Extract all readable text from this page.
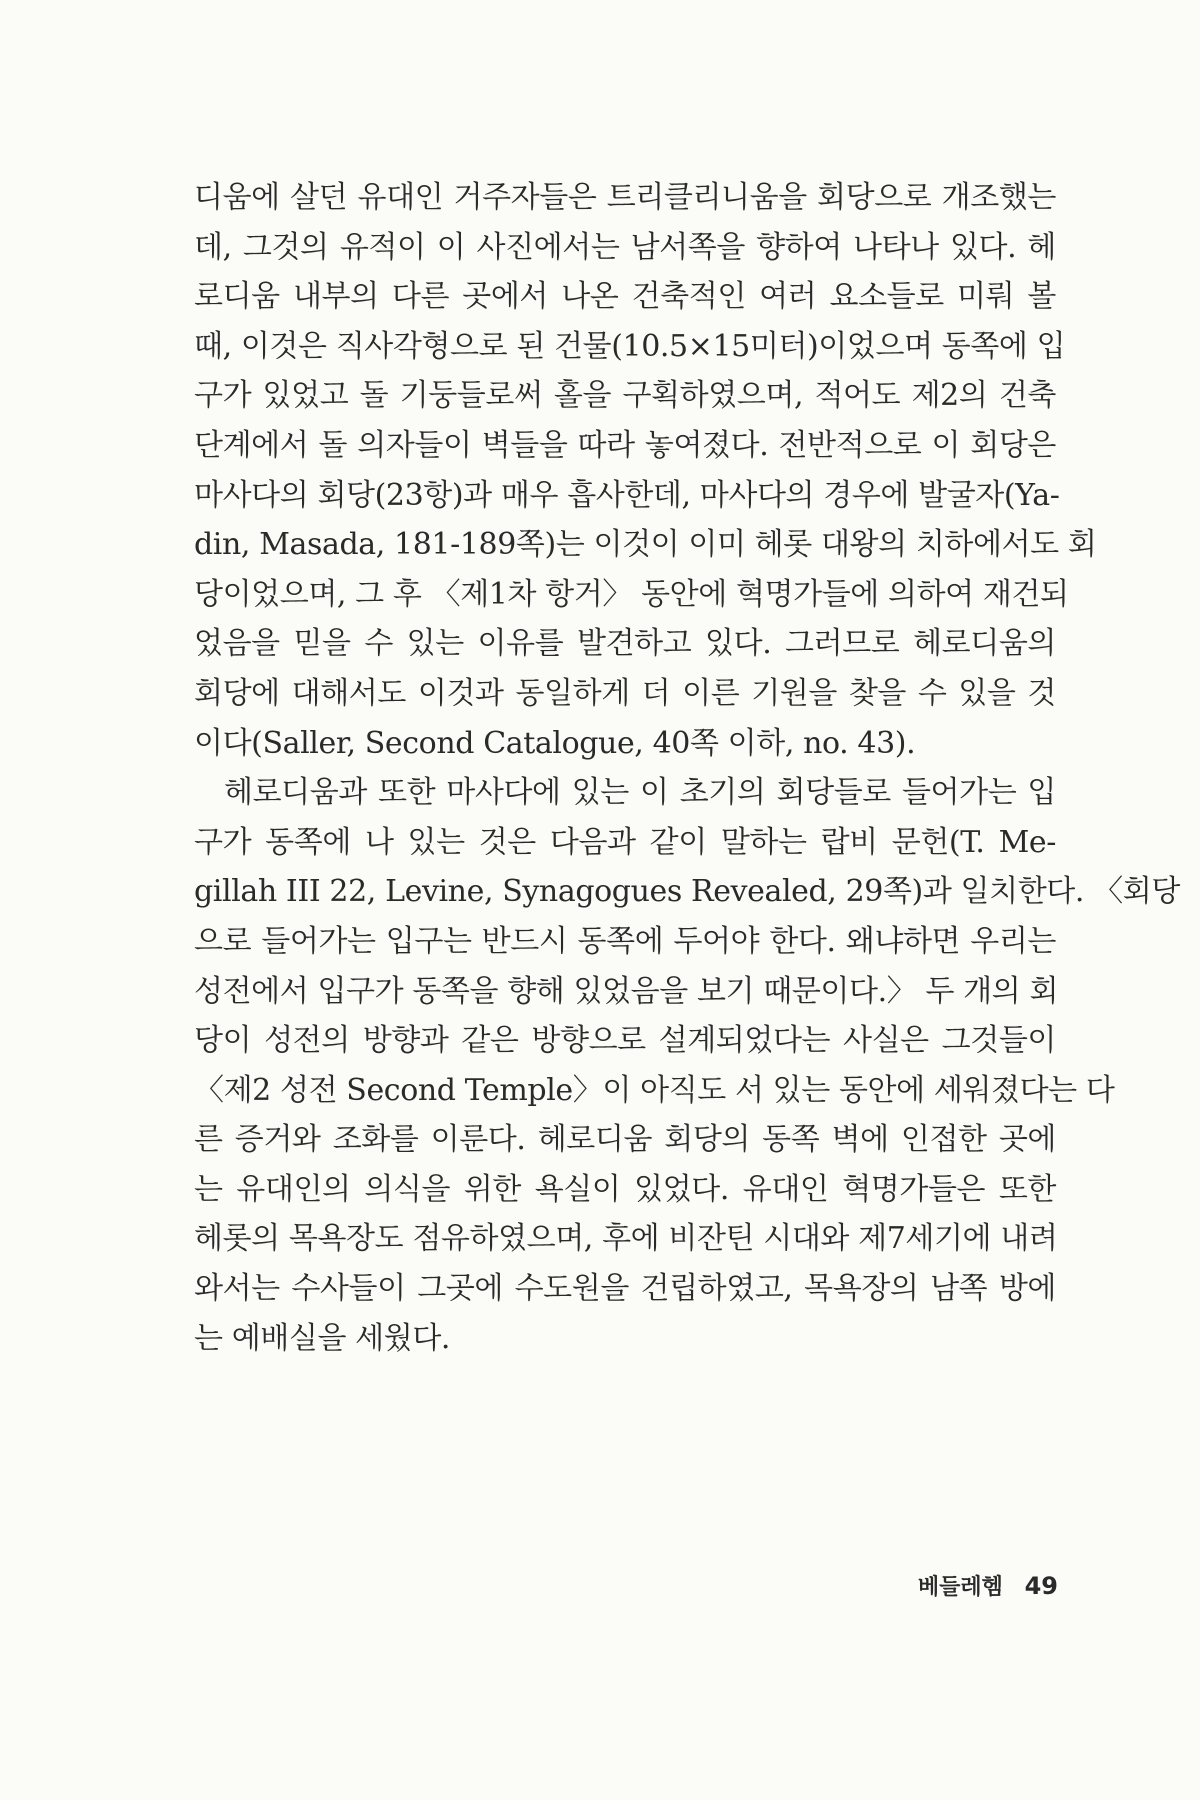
디움에 살던 유대인 거주자들은 트리클리니움을 회당으로 개조했는
데, 그것의 유적이 이 사진에서는 남서쪽을 향하여 나타나 있다. 헤
로디움 내부의 다른 곳에서 나온 건축적인 여러 요소들로 미뤄 볼
때, 이것은 직사각형으로 된 건물(10.5×15미터)이었으며 동쪽에 입
구가 있었고 돌 기둥들로써 홀을 구획하였으며, 적어도 제2의 건축
단계에서 돌 의자들이 벽들을 따라 놓여졌다. 전반적으로 이 회당은
마사다의 회당(23항)과 매우 흡사한데, 마사다의 경우에 발굴자(Ya-
din, Masada, 181-189쪽)는 이것이 이미 헤롯 대왕의 치하에서도 회
당이었으며, 그 후 〈제1차 항거〉 동안에 혁명가들에 의하여 재건되
었음을 믿을 수 있는 이유를 발견하고 있다. 그러므로 헤로디움의
회당에 대해서도 이것과 동일하게 더 이른 기원을 찾을 수 있을 것
이다(Saller, Second Catalogue, 40쪽 이하, no. 43).
헤로디움과 또한 마사다에 있는 이 초기의 회당들로 들어가는 입
구가 동쪽에 나 있는 것은 다음과 같이 말하는 랍비 문헌(T. Me-
gillah III 22, Levine, Synagogues Revealed, 29쪽)과 일치한다. 〈회당
으로 들어가는 입구는 반드시 동쪽에 두어야 한다. 왜냐하면 우리는
성전에서 입구가 동쪽을 향해 있었음을 보기 때문이다.〉 두 개의 회
당이 성전의 방향과 같은 방향으로 설계되었다는 사실은 그것들이
〈제2 성전 Second Temple〉이 아직도 서 있는 동안에 세워졌다는 다
른 증거와 조화를 이룬다. 헤로디움 회당의 동쪽 벽에 인접한 곳에
는 유대인의 의식을 위한 욕실이 있었다. 유대인 혁명가들은 또한
헤롯의 목욕장도 점유하였으며, 후에 비잔틴 시대와 제7세기에 내려
와서는 수사들이 그곳에 수도원을 건립하였고, 목욕장의 남쪽 방에
는 예배실을 세웠다.
베들레헴 49
